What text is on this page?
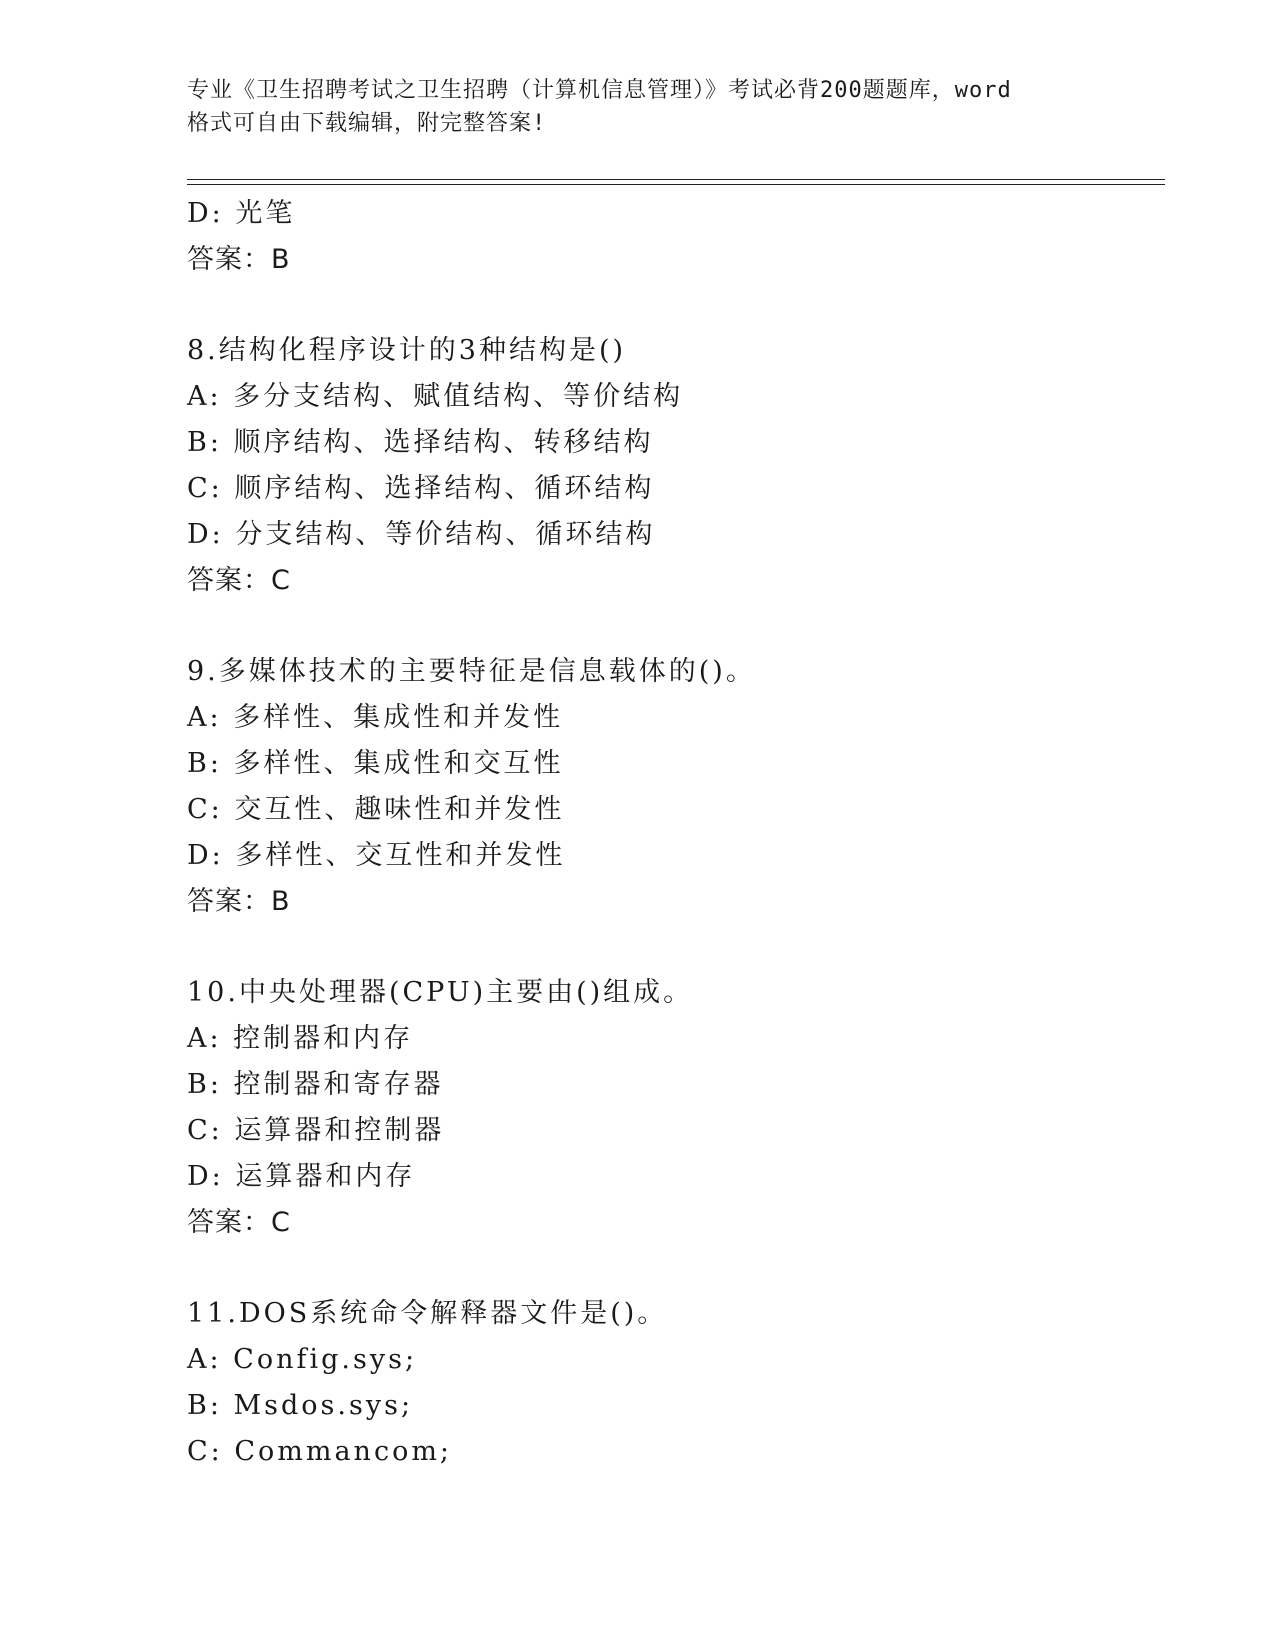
专业《卫生招聘考试之卫生招聘（计算机信息管理）》考试必背200题题库，word
格式可自由下载编辑，附完整答案!
D: 光笔
答案：B
8.结构化程序设计的3种结构是()
A: 多分支结构、赋值结构、等价结构
B: 顺序结构、选择结构、转移结构
C: 顺序结构、选择结构、循环结构
D: 分支结构、等价结构、循环结构
答案：C
9.多媒体技术的主要特征是信息载体的()。
A: 多样性、集成性和并发性
B: 多样性、集成性和交互性
C: 交互性、趣味性和并发性
D: 多样性、交互性和并发性
答案：B
10.中央处理器(CPU)主要由()组成。
A: 控制器和内存
B: 控制器和寄存器
C: 运算器和控制器
D: 运算器和内存
答案：C
11.DOS系统命令解释器文件是()。
A: Config.sys;
B: Msdos.sys;
C: Commancom;
